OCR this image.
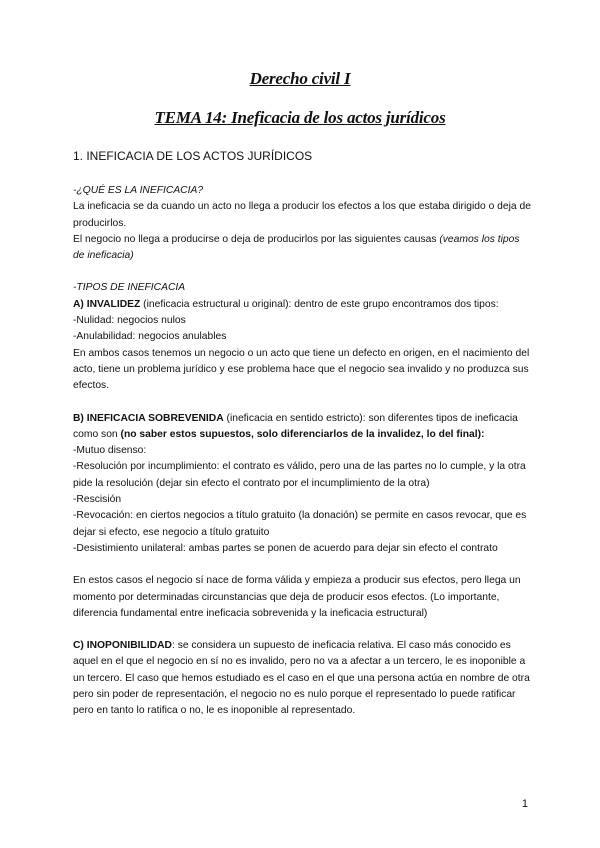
Derecho civil I
TEMA 14: Ineficacia de los actos jurídicos
1. INEFICACIA DE LOS ACTOS JURÍDICOS

-¿QUÉ ES LA INEFICACIA?

La ineficacia se da cuando un acto no llega a producir los efectos a los que estaba dirigido o deja de producirlos.

El negocio no llega a producirse o deja de producirlos por las siguientes causas (veamos los tipos de ineficacia)

-TIPOS DE INEFICACIA

A) INVALIDEZ (ineficacia estructural u original): dentro de este grupo encontramos dos tipos:

-Nulidad: negocios nulos

-Anulabilidad: negocios anulables

En ambos casos tenemos un negocio o un acto que tiene un defecto en origen, en el nacimiento del acto, tiene un problema jurídico y ese problema hace que el negocio sea invalido y no produzca sus efectos.

B) INEFICACIA SOBREVENIDA (ineficacia en sentido estricto): son diferentes tipos de ineficacia como son (no saber estos supuestos, solo diferenciarlos de la invalidez, lo del final):

-Mutuo disenso:

-Resolución por incumplimiento: el contrato es válido, pero una de las partes no lo cumple, y la otra pide la resolución (dejar sin efecto el contrato por el incumplimiento de la otra)

-Rescisión

-Revocación: en ciertos negocios a título gratuito (la donación) se permite en casos revocar, que es dejar si efecto, ese negocio a título gratuito

-Desistimiento unilateral: ambas partes se ponen de acuerdo para dejar sin efecto el contrato

En estos casos el negocio sí nace de forma válida y empieza a producir sus efectos, pero llega un momento por determinadas circunstancias que deja de producir esos efectos. (Lo importante, diferencia fundamental entre ineficacia sobrevenida y la ineficacia estructural)

C) INOPONIBILIDAD: se considera un supuesto de ineficacia relativa. El caso más conocido es aquel en el que el negocio en sí no es invalido, pero no va a afectar a un tercero, le es inoponible a un tercero. El caso que hemos estudiado es el caso en el que una persona actúa en nombre de otra pero sin poder de representación, el negocio no es nulo porque el representado lo puede ratificar pero en tanto lo ratifica o no, le es inoponible al representado.

1
